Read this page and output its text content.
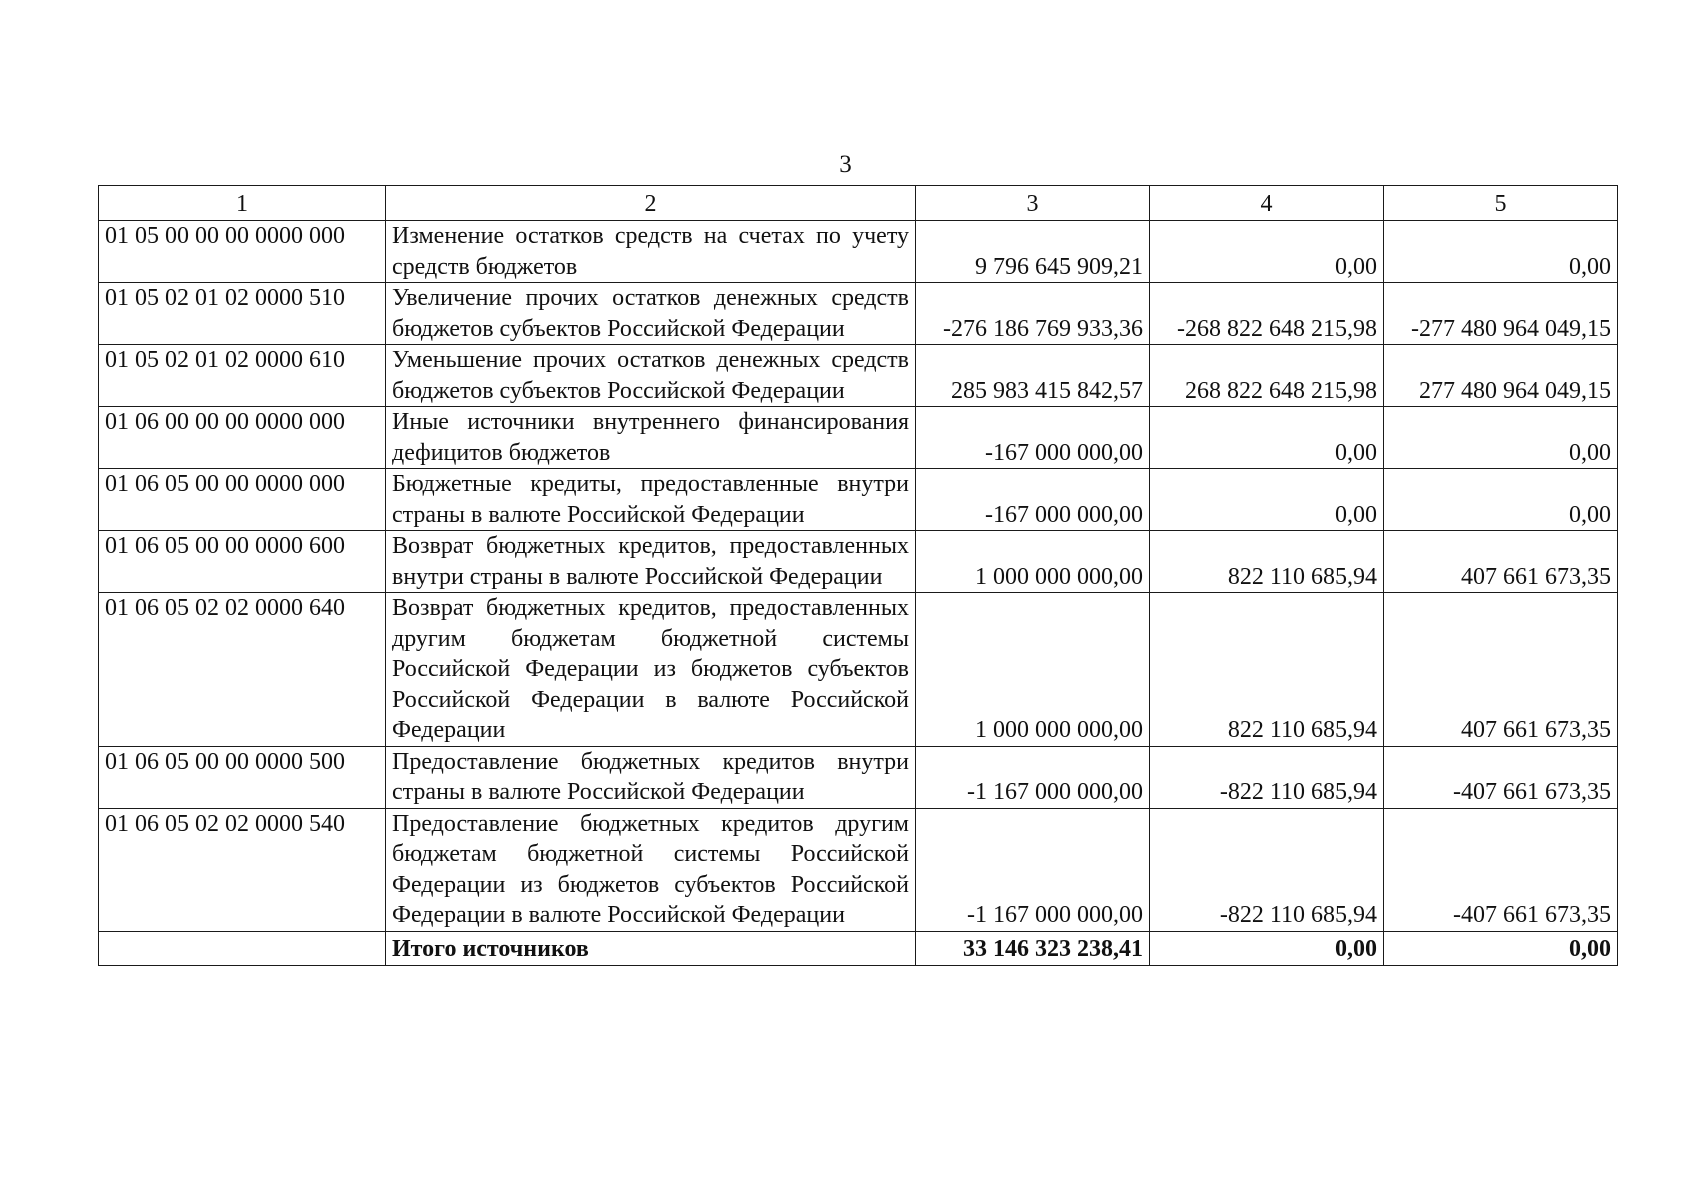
3
1	2	3	4	5
01 05 00 00 00 0000 000	Изменение остатков средств на счетах по учету средств бюджетов	9 796 645 909,21	0,00	0,00
01 05 02 01 02 0000 510	Увеличение прочих остатков денежных средств бюджетов субъектов Российской Федерации	-276 186 769 933,36	-268 822 648 215,98	-277 480 964 049,15
01 05 02 01 02 0000 610	Уменьшение прочих остатков денежных средств бюджетов субъектов Российской Федерации	285 983 415 842,57	268 822 648 215,98	277 480 964 049,15
01 06 00 00 00 0000 000	Иные источники внутреннего финансирования дефицитов бюджетов	-167 000 000,00	0,00	0,00
01 06 05 00 00 0000 000	Бюджетные кредиты, предоставленные внутри страны в валюте Российской Федерации	-167 000 000,00	0,00	0,00
01 06 05 00 00 0000 600	Возврат бюджетных кредитов, предоставленных внутри страны в валюте Российской Федерации	1 000 000 000,00	822 110 685,94	407 661 673,35
01 06 05 02 02 0000 640	Возврат бюджетных кредитов, предоставленных другим бюджетам бюджетной системы Российской Федерации из бюджетов субъектов Российской Федерации в валюте Российской Федерации	1 000 000 000,00	822 110 685,94	407 661 673,35
01 06 05 00 00 0000 500	Предоставление бюджетных кредитов внутри страны в валюте Российской Федерации	-1 167 000 000,00	-822 110 685,94	-407 661 673,35
01 06 05 02 02 0000 540	Предоставление бюджетных кредитов другим бюджетам бюджетной системы Российской Федерации из бюджетов субъектов Российской Федерации в валюте Российской Федерации	-1 167 000 000,00	-822 110 685,94	-407 661 673,35
	Итого источников	33 146 323 238,41	0,00	0,00
